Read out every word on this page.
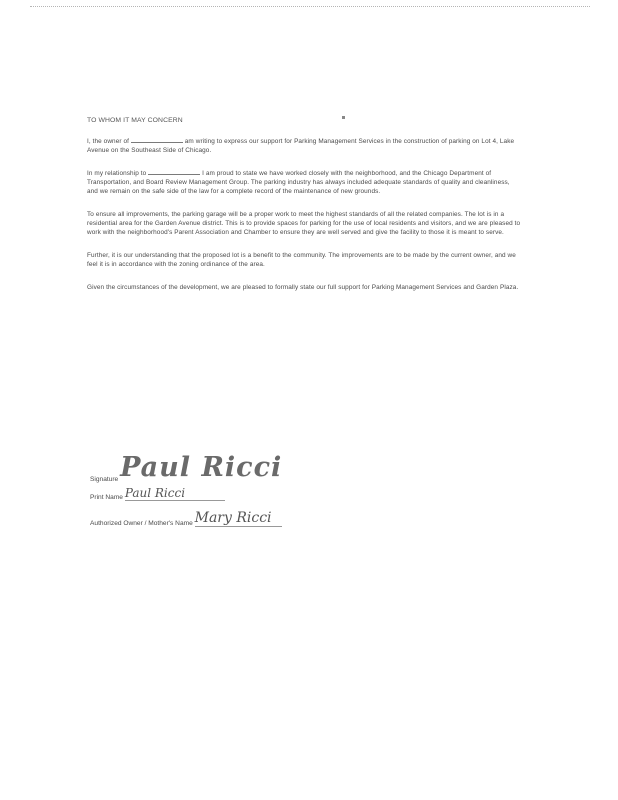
TO WHOM IT MAY CONCERN

I, the owner of	am writing to express our support for Parking Management Services in the construction of parking on Lot 4, Lake Avenue on the Southeast Side of Chicago.

In my relationship to	I am proud to state we have worked closely with the neighborhood, and the Chicago Department of Transportation, and Board Review Management Group. The parking industry has always included adequate standards of quality and cleanliness, and we remain on the safe side of the law for a complete record of the maintenance of new grounds.

To ensure all improvements, the parking garage will be a proper work to meet the highest standards of all the related companies. The lot is in a residential area for the Garden Avenue district. This is to provide spaces for parking for the use of local residents and visitors, and we are pleased to work with the neighborhood's Parent Association and Chamber to ensure they are well served and give the facility to those it is meant to serve.

Further, it is our understanding that the proposed lot is a benefit to the community. The improvements are to be made by the current owner, and we feel it is in accordance with the zoning ordinance of the area.

Given the circumstances of the development, we are pleased to formally state our full support for Parking Management Services and Garden Plaza.

Signature Paul Ricci
Print Name Paul Ricci
Authorized Owner / Mother's Name Mary Ricci
